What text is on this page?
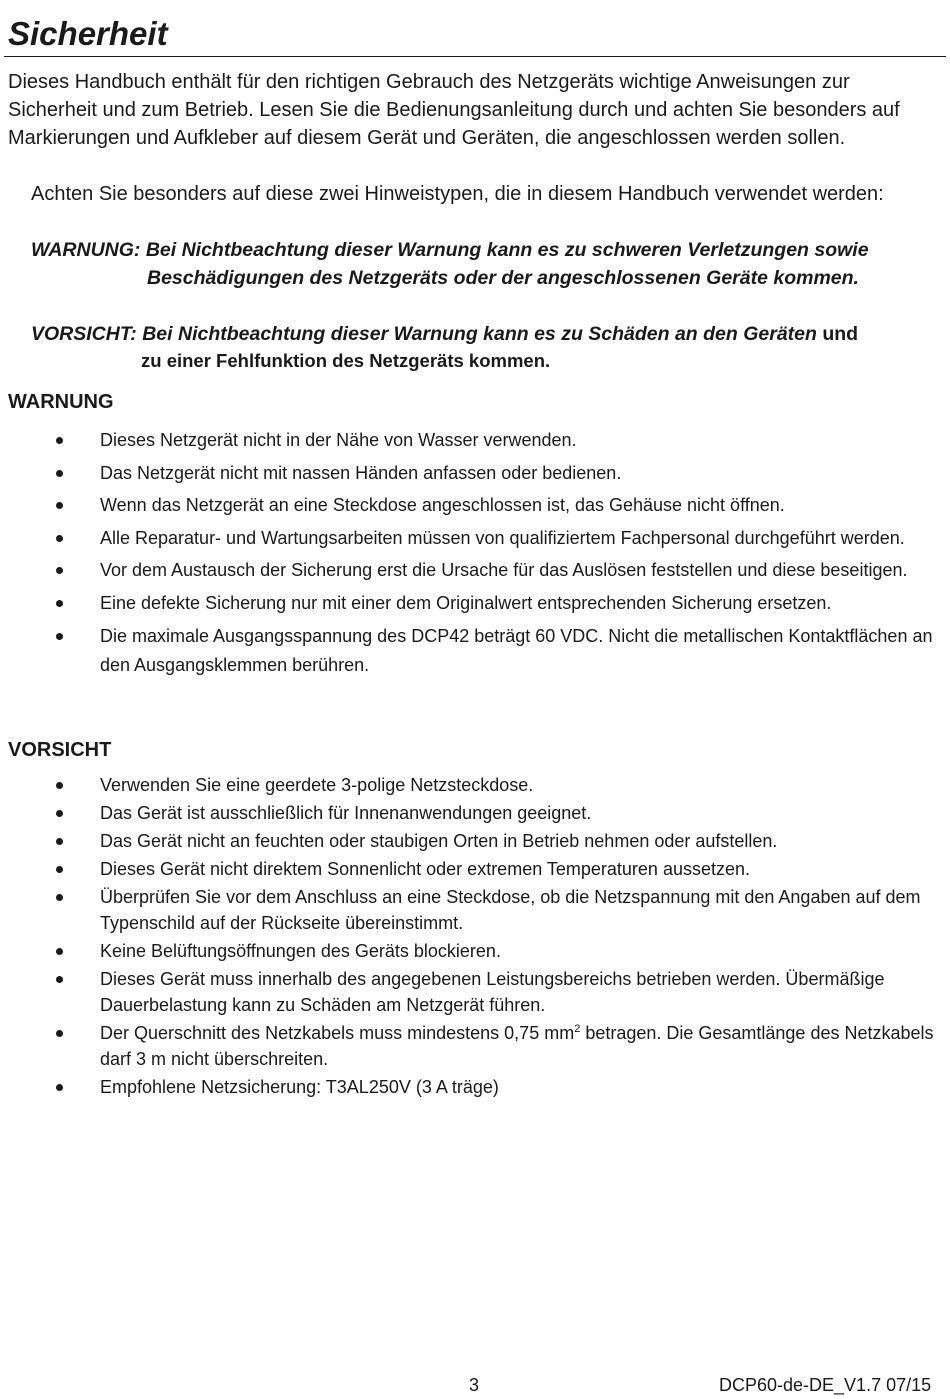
Sicherheit
Dieses Handbuch enthält für den richtigen Gebrauch des Netzgeräts wichtige Anweisungen zur Sicherheit und zum Betrieb. Lesen Sie die Bedienungsanleitung durch und achten Sie besonders auf Markierungen und Aufkleber auf diesem Gerät und Geräten, die angeschlossen werden sollen.
Achten Sie besonders auf diese zwei Hinweistypen, die in diesem Handbuch verwendet werden:
WARNUNG: Bei Nichtbeachtung dieser Warnung kann es zu schweren Verletzungen sowie
Beschädigungen des Netzgeräts oder der angeschlossenen Geräte kommen.
VORSICHT: Bei Nichtbeachtung dieser Warnung kann es zu Schäden an den Geräten und
zu einer Fehlfunktion des Netzgeräts kommen.
WARNUNG
Dieses Netzgerät nicht in der Nähe von Wasser verwenden.
Das Netzgerät nicht mit nassen Händen anfassen oder bedienen.
Wenn das Netzgerät an eine Steckdose angeschlossen ist, das Gehäuse nicht öffnen.
Alle Reparatur- und Wartungsarbeiten müssen von qualifiziertem Fachpersonal durchgeführt werden.
Vor dem Austausch der Sicherung erst die Ursache für das Auslösen feststellen und diese beseitigen.
Eine defekte Sicherung nur mit einer dem Originalwert entsprechenden Sicherung ersetzen.
Die maximale Ausgangsspannung des DCP42 beträgt 60 VDC. Nicht die metallischen Kontaktflächen an den Ausgangsklemmen berühren.
VORSICHT
Verwenden Sie eine geerdete 3-polige Netzsteckdose.
Das Gerät ist ausschließlich für Innenanwendungen geeignet.
Das Gerät nicht an feuchten oder staubigen Orten in Betrieb nehmen oder aufstellen.
Dieses Gerät nicht direktem Sonnenlicht oder extremen Temperaturen aussetzen.
Überprüfen Sie vor dem Anschluss an eine Steckdose, ob die Netzspannung mit den Angaben auf dem Typenschild auf der Rückseite übereinstimmt.
Keine Belüftungsöffnungen des Geräts blockieren.
Dieses Gerät muss innerhalb des angegebenen Leistungsbereichs betrieben werden. Übermäßige Dauerbelastung kann zu Schäden am Netzgerät führen.
Der Querschnitt des Netzkabels muss mindestens 0,75 $mm^2$ betragen. Die Gesamtlänge des Netzkabels darf 3 m nicht überschreiten.
Empfohlene Netzsicherung: T3AL250V (3 A träge)
3	DCP60-de-DE_V1.7 07/15
